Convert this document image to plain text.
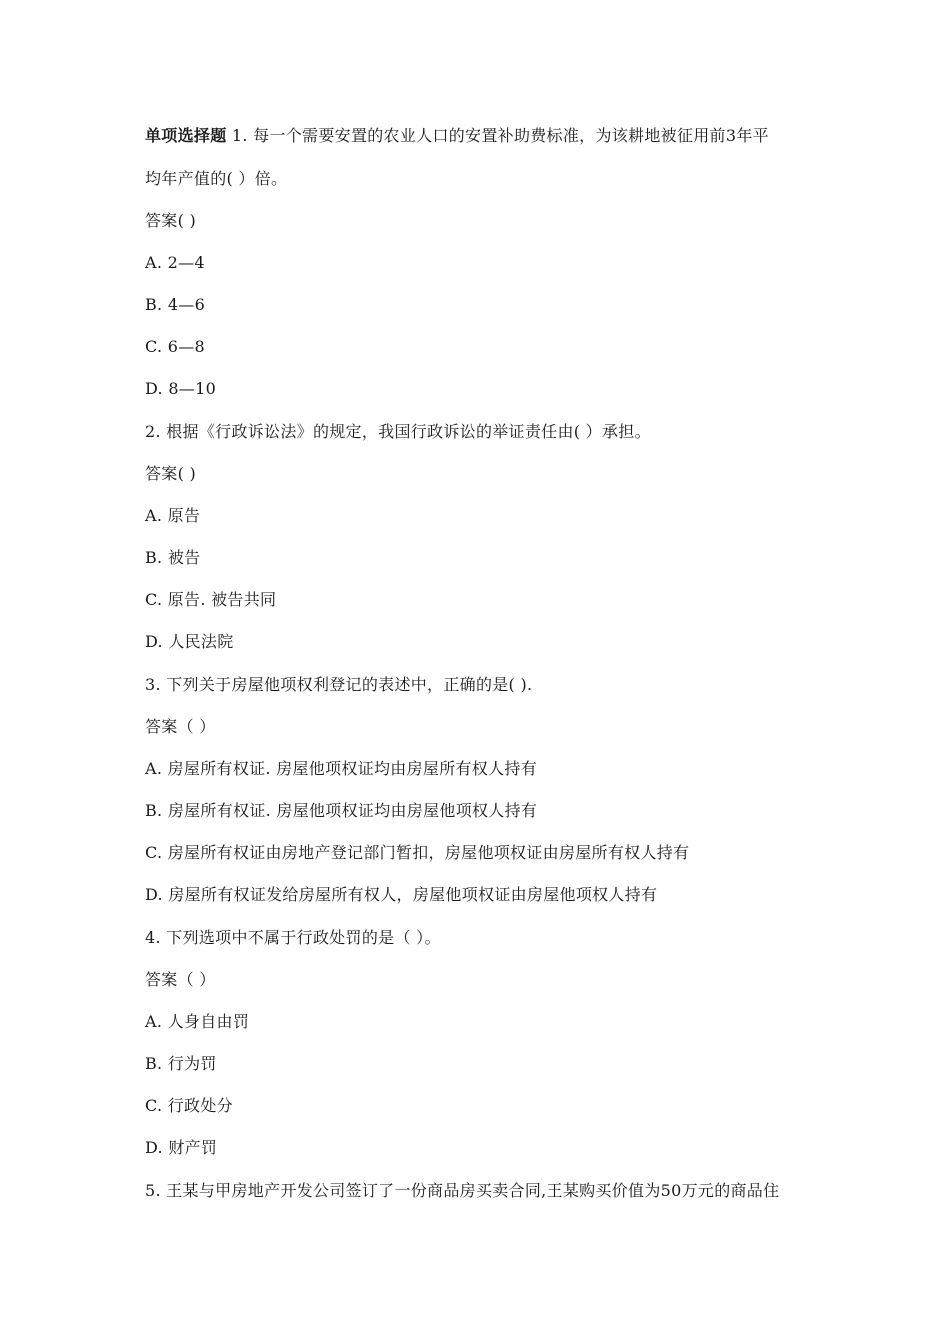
单项选择题 1. 每一个需要安置的农业人口的安置补助费标准，为该耕地被征用前3年平
均年产值的( ）倍。
答案( )
A. 2—4
B. 4—6
C. 6—8
D. 8—10
2. 根据《行政诉讼法》的规定，我国行政诉讼的举证责任由( ）承担。
答案( )
A. 原告
B. 被告
C. 原告. 被告共同
D. 人民法院
3. 下列关于房屋他项权利登记的表述中，正确的是( ).
答案（ ）
A. 房屋所有权证. 房屋他项权证均由房屋所有权人持有
B. 房屋所有权证. 房屋他项权证均由房屋他项权人持有
C. 房屋所有权证由房地产登记部门暂扣，房屋他项权证由房屋所有权人持有
D. 房屋所有权证发给房屋所有权人，房屋他项权证由房屋他项权人持有
4. 下列选项中不属于行政处罚的是（ ）。
答案（ ）
A. 人身自由罚
B. 行为罚
C. 行政处分
D. 财产罚
5. 王某与甲房地产开发公司签订了一份商品房买卖合同,王某购买价值为50万元的商品住
